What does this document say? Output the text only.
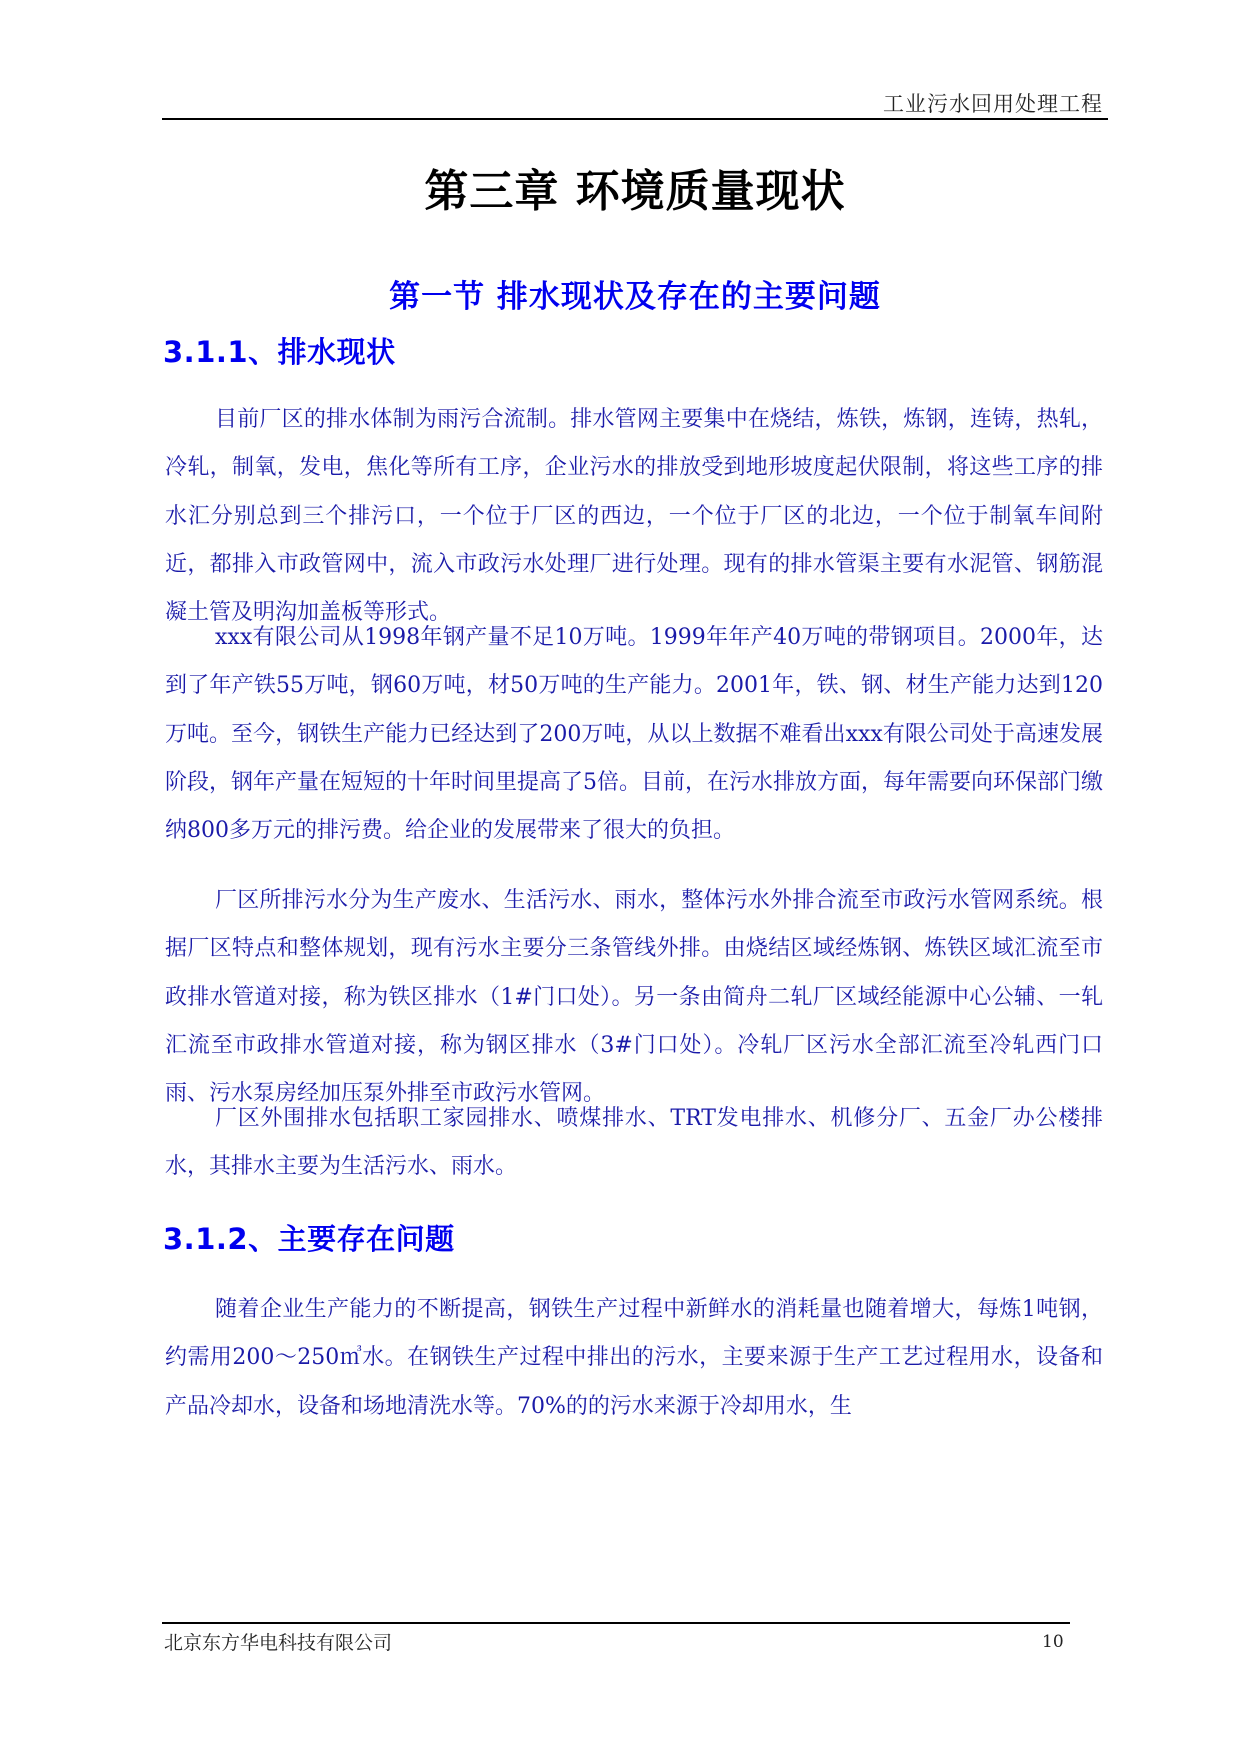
工业污水回用处理工程
第三章 环境质量现状
第一节 排水现状及存在的主要问题
3.1.1、排水现状

目前厂区的排水体制为雨污合流制。排水管网主要集中在烧结，炼铁，炼钢，连铸，热轧，冷轧，制氧，发电，焦化等所有工序，企业污水的排放受到地形坡度起伏限制，将这些工序的排水汇分别总到三个排污口，一个位于厂区的西边，一个位于厂区的北边，一个位于制氧车间附近，都排入市政管网中，流入市政污水处理厂进行处理。现有的排水管渠主要有水泥管、钢筋混凝土管及明沟加盖板等形式。

xxx有限公司从1998年钢产量不足10万吨。1999年年产40万吨的带钢项目。2000年，达到了年产铁55万吨，钢60万吨，材50万吨的生产能力。2001年，铁、钢、材生产能力达到120万吨。至今，钢铁生产能力已经达到了200万吨，从以上数据不难看出xxx有限公司处于高速发展阶段，钢年产量在短短的十年时间里提高了5倍。目前，在污水排放方面，每年需要向环保部门缴纳800多万元的排污费。给企业的发展带来了很大的负担。

厂区所排污水分为生产废水、生活污水、雨水，整体污水外排合流至市政污水管网系统。根据厂区特点和整体规划，现有污水主要分三条管线外排。由烧结区域经炼钢、炼铁区域汇流至市政排水管道对接，称为铁区排水（1#门口处）。另一条由简舟二轧厂区域经能源中心公辅、一轧汇流至市政排水管道对接，称为钢区排水（3#门口处）。冷轧厂区污水全部汇流至冷轧西门口雨、污水泵房经加压泵外排至市政污水管网。

厂区外围排水包括职工家园排水、喷煤排水、TRT发电排水、机修分厂、五金厂办公楼排水，其排水主要为生活污水、雨水。

3.1.2、主要存在问题

随着企业生产能力的不断提高，钢铁生产过程中新鲜水的消耗量也随着增大，每炼1吨钢，约需用200～250㎥水。在钢铁生产过程中排出的污水，主要来源于生产工艺过程用水，设备和产品冷却水，设备和场地清洗水等。70%的的污水来源于冷却用水，生

北京东方华电科技有限公司	10
